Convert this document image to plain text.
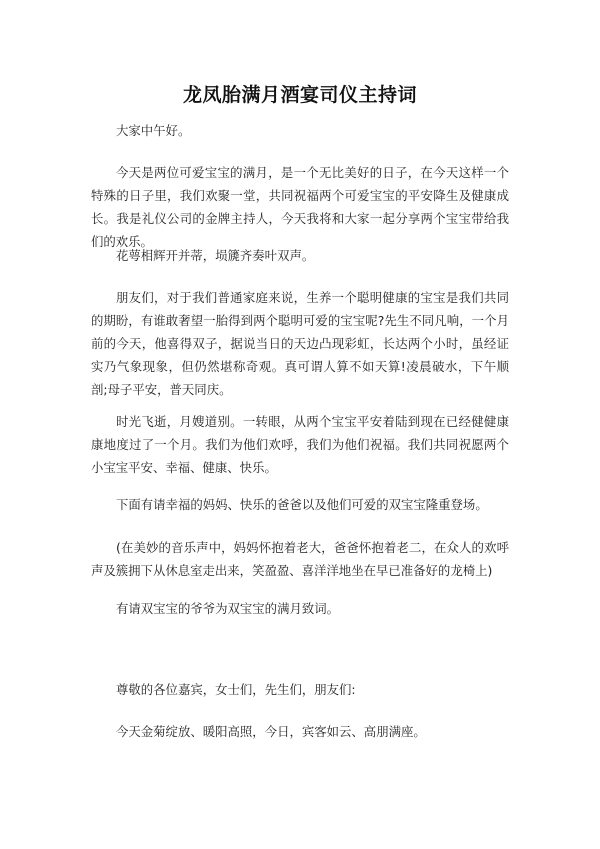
龙凤胎满月酒宴司仪主持词

大家中午好。

今天是两位可爱宝宝的满月，是一个无比美好的日子，在今天这样一个特殊的日子里，我们欢聚一堂，共同祝福两个可爱宝宝的平安降生及健康成长。我是礼仪公司的金牌主持人，今天我将和大家一起分享两个宝宝带给我们的欢乐。

花萼相辉开并蒂，埙篪齐奏叶双声。

朋友们，对于我们普通家庭来说，生养一个聪明健康的宝宝是我们共同的期盼，有谁敢奢望一胎得到两个聪明可爱的宝宝呢?先生不同凡响，一个月前的今天，他喜得双子，据说当日的天边凸现彩虹，长达两个小时，虽经证实乃气象现象，但仍然堪称奇观。真可谓人算不如天算!凌晨破水，下午顺剖;母子平安，普天同庆。

时光飞逝，月嫂道别。一转眼，从两个宝宝平安着陆到现在已经健健康康地度过了一个月。我们为他们欢呼，我们为他们祝福。我们共同祝愿两个小宝宝平安、幸福、健康、快乐。

下面有请幸福的妈妈、快乐的爸爸以及他们可爱的双宝宝隆重登场。

(在美妙的音乐声中，妈妈怀抱着老大，爸爸怀抱着老二，在众人的欢呼声及簇拥下从休息室走出来，笑盈盈、喜洋洋地坐在早已准备好的龙椅上)

有请双宝宝的爷爷为双宝宝的满月致词。

尊敬的各位嘉宾，女士们，先生们，朋友们:

今天金菊绽放、暖阳高照，今日，宾客如云、高朋满座。
